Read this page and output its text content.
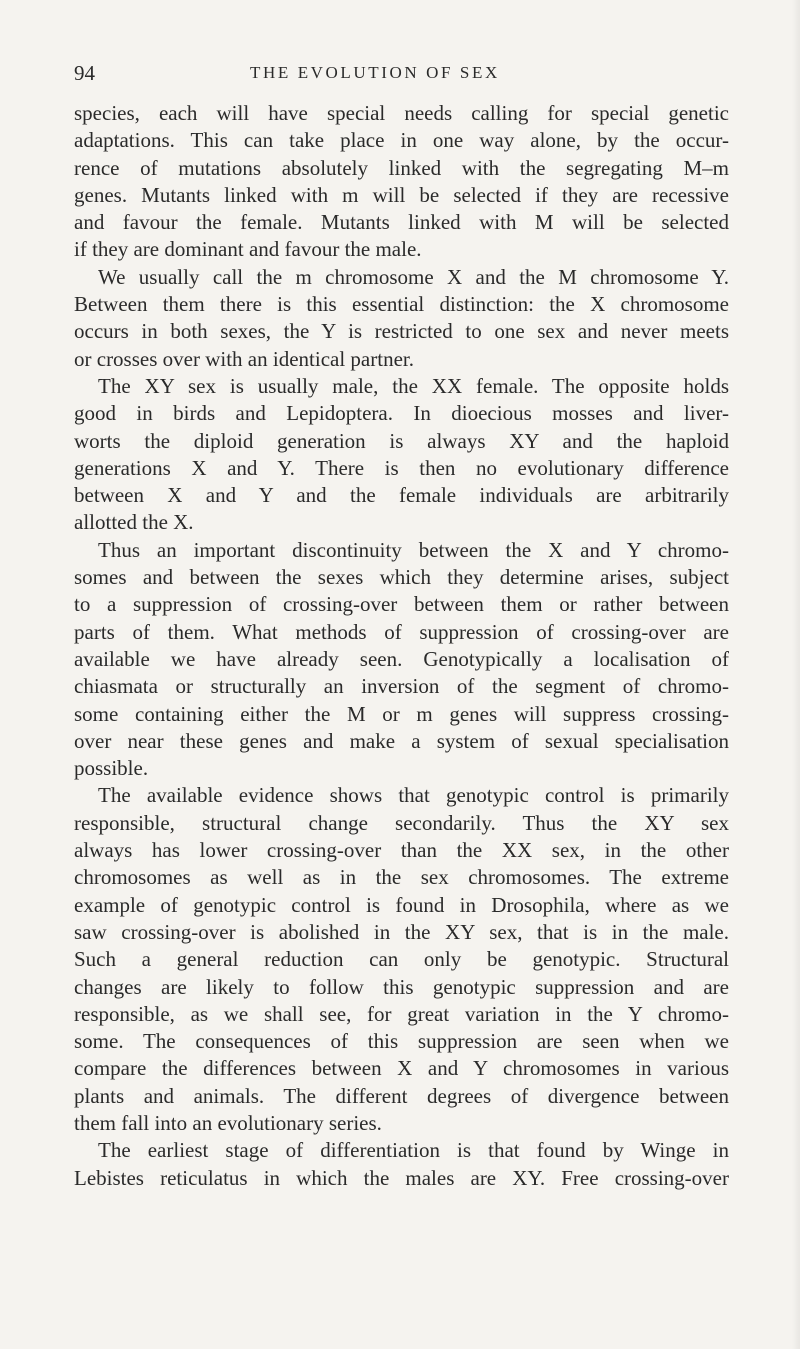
94	THE EVOLUTION OF SEX
species, each will have special needs calling for special genetic
adaptations. This can take place in one way alone, by the occur-
rence of mutations absolutely linked with the segregating M–m
genes. Mutants linked with m will be selected if they are recessive
and favour the female. Mutants linked with M will be selected
if they are dominant and favour the male.
We usually call the m chromosome X and the M chromosome Y.
Between them there is this essential distinction: the X chromosome
occurs in both sexes, the Y is restricted to one sex and never meets
or crosses over with an identical partner.
The XY sex is usually male, the XX female. The opposite holds
good in birds and Lepidoptera. In dioecious mosses and liver-
worts the diploid generation is always XY and the haploid
generations X and Y. There is then no evolutionary difference
between X and Y and the female individuals are arbitrarily
allotted the X.
Thus an important discontinuity between the X and Y chromo-
somes and between the sexes which they determine arises, subject
to a suppression of crossing-over between them or rather between
parts of them. What methods of suppression of crossing-over are
available we have already seen. Genotypically a localisation of
chiasmata or structurally an inversion of the segment of chromo-
some containing either the M or m genes will suppress crossing-
over near these genes and make a system of sexual specialisation
possible.
The available evidence shows that genotypic control is primarily
responsible, structural change secondarily. Thus the XY sex
always has lower crossing-over than the XX sex, in the other
chromosomes as well as in the sex chromosomes. The extreme
example of genotypic control is found in Drosophila, where as we
saw crossing-over is abolished in the XY sex, that is in the male.
Such a general reduction can only be genotypic. Structural
changes are likely to follow this genotypic suppression and are
responsible, as we shall see, for great variation in the Y chromo-
some. The consequences of this suppression are seen when we
compare the differences between X and Y chromosomes in various
plants and animals. The different degrees of divergence between
them fall into an evolutionary series.
The earliest stage of differentiation is that found by Winge in
Lebistes reticulatus in which the males are XY. Free crossing-over
